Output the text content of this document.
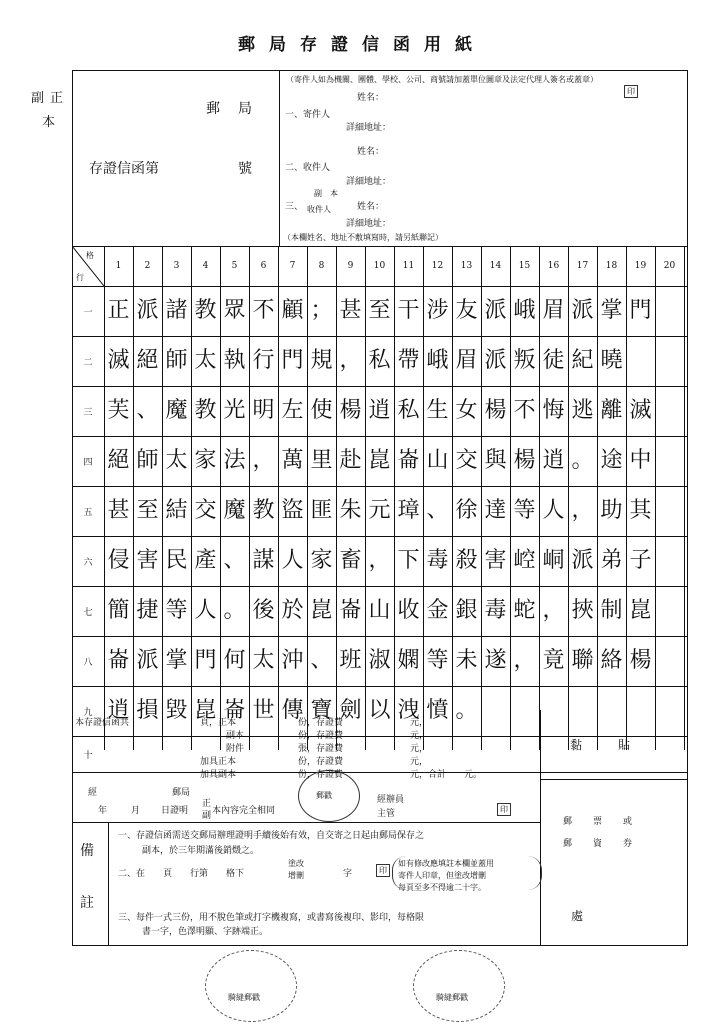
郵局存證信函用紙
副 正
本
郵　局
存證信函第	號
（寄件人如為機關、團體、學校、公司、商號請加蓋單位圖章及法定代理人簽名或蓋章）
姓名：
印
一、寄件人
詳細地址：
姓名：
二、收件人
詳細地址：
副　本
三、 收件人	姓名：
詳細地址：
（本欄姓名、地址不敷填寫時，請另紙聯記）
格
行
1	2	3	4	5	6	7	8	9	10	11	12	13	14	15	16	17	18	19	20
一 正 派 諸 教 眾 不 顧 ； 甚 至 干 涉 友 派 峨 眉 派 掌 門
二 滅 絕 師 太 執 行 門 規 ， 私 帶 峨 眉 派 叛 徒 紀 曉
三 芙 、 魔 教 光 明 左 使 楊 逍 私 生 女 楊 不 悔 逃 離 滅
四 絕 師 太 家 法 ， 萬 里 赴 崑 崙 山 交 與 楊 逍 。 途 中
五 甚 至 結 交 魔 教 盜 匪 朱 元 璋 、 徐 達 等 人 ， 助 其
六 侵 害 民 產 、 謀 人 家 畜 ， 下 毒 殺 害 崆 峒 派 弟 子
七 簡 捷 等 人 。 後 於 崑 崙 山 收 金 銀 毒 蛇 ， 挾 制 崑
八 崙 派 掌 門 何 太 沖 、 班 淑 嫻 等 未 遂 ， 竟 聯 絡 楊
九 逍 損 毀 崑 崙 世 傳 寶 劍 以 洩 憤 。
十
本存證信函共
黏　　貼
郵　　票　　或
郵　　資　　券
處
經	郵局
年	月 日證明
正
副 本內容完全相同
郵戳	經辦員
主管	印
備
註
一、存證信函需送交郵局辦理證明手續後始有效，自交寄之日起由郵局保存之
副本，於三年期滿後銷燬之。
二、在　　頁　　行第　　格下
塗改
增刪	字	印
如有修改應填註本欄並蓋用
寄件人印章，但塗改增刪
每頁至多不得逾二十字。
三、每件一式三份，用不脫色筆或打字機複寫，或書寫後複印、影印，每格限
書一字，色澤明顯、字跡端正。
騎縫郵戳	騎縫郵戳
頁，正本	份，存證費	元，
副本	份，存證費	元，
附件	張，存證費	元，
加具正本	份，存證費	元，
加具副本	份，存證費	元，合計　　元。
